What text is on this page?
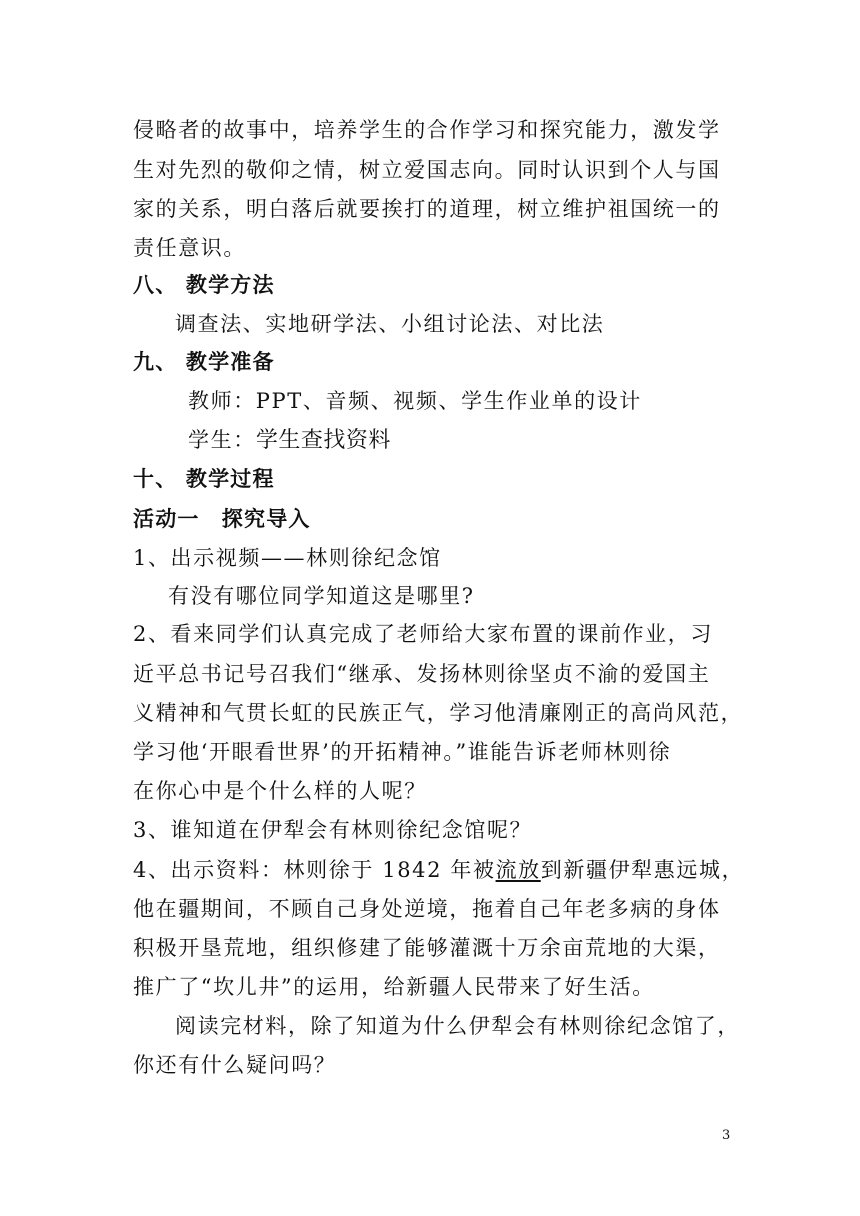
侵略者的故事中，培养学生的合作学习和探究能力，激发学
生对先烈的敬仰之情，树立爱国志向。同时认识到个人与国
家的关系，明白落后就要挨打的道理，树立维护祖国统一的
责任意识。
八、 教学方法
调查法、实地研学法、小组讨论法、对比法
九、 教学准备
教师：PPT、音频、视频、学生作业单的设计
学生：学生查找资料
十、 教学过程
活动一　探究导入
1、出示视频——林则徐纪念馆
有没有哪位同学知道这是哪里?
2、看来同学们认真完成了老师给大家布置的课前作业，习
近平总书记号召我们“继承、发扬林则徐坚贞不渝的爱国主
义精神和气贯长虹的民族正气，学习他清廉刚正的高尚风范，
学习他‘开眼看世界’的开拓精神。”谁能告诉老师林则徐
在你心中是个什么样的人呢？
3、谁知道在伊犁会有林则徐纪念馆呢？
4、出示资料：林则徐于 1842 年被流放到新疆伊犁惠远城，
他在疆期间，不顾自己身处逆境，拖着自己年老多病的身体
积极开垦荒地，组织修建了能够灌溉十万余亩荒地的大渠，
推广了“坎儿井”的运用，给新疆人民带来了好生活。
阅读完材料，除了知道为什么伊犁会有林则徐纪念馆了，
你还有什么疑问吗？
3
